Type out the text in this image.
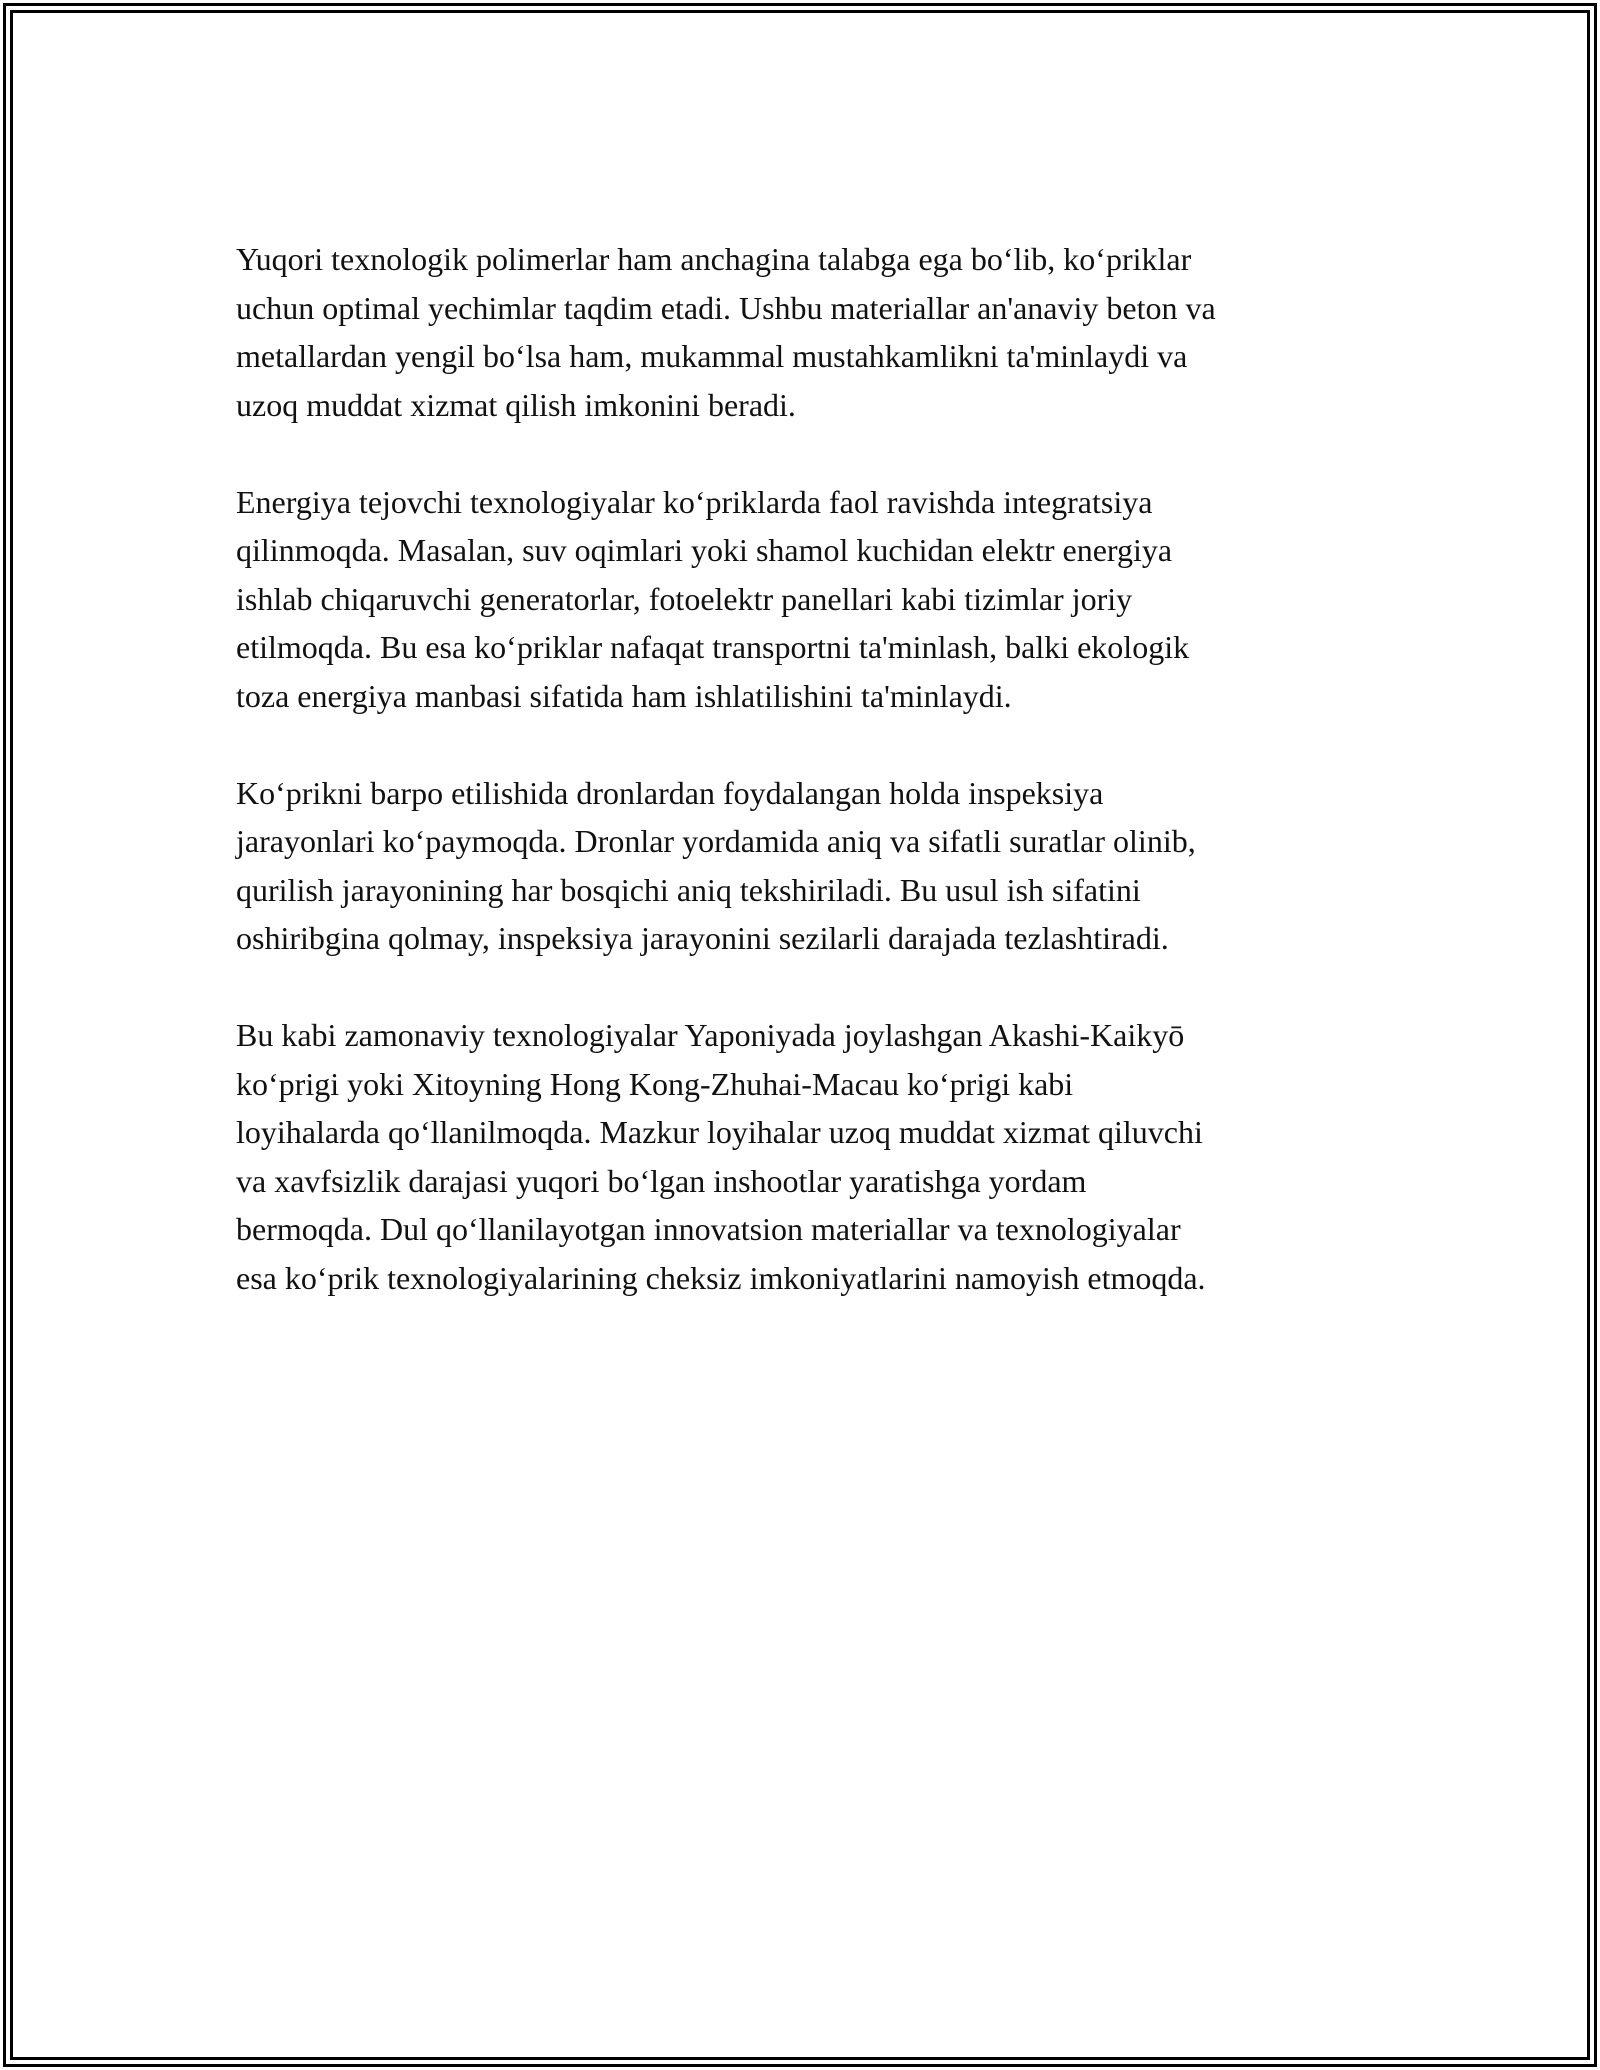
Yuqori texnologik polimerlar ham anchagina talabga ega bo‘lib, ko‘priklar
uchun optimal yechimlar taqdim etadi. Ushbu materiallar an'anaviy beton va
metallardan yengil bo‘lsa ham, mukammal mustahkamlikni ta'minlaydi va
uzoq muddat xizmat qilish imkonini beradi.

Energiya tejovchi texnologiyalar ko‘priklarda faol ravishda integratsiya
qilinmoqda. Masalan, suv oqimlari yoki shamol kuchidan elektr energiya
ishlab chiqaruvchi generatorlar, fotoelektr panellari kabi tizimlar joriy
etilmoqda. Bu esa ko‘priklar nafaqat transportni ta'minlash, balki ekologik
toza energiya manbasi sifatida ham ishlatilishini ta'minlaydi.

Ko‘prikni barpo etilishida dronlardan foydalangan holda inspeksiya
jarayonlari ko‘paymoqda. Dronlar yordamida aniq va sifatli suratlar olinib,
qurilish jarayonining har bosqichi aniq tekshiriladi. Bu usul ish sifatini
oshiribgina qolmay, inspeksiya jarayonini sezilarli darajada tezlashtiradi.

Bu kabi zamonaviy texnologiyalar Yaponiyada joylashgan Akashi-Kaikyō
ko‘prigi yoki Xitoyning Hong Kong-Zhuhai-Macau ko‘prigi kabi
loyihalarda qo‘llanilmoqda. Mazkur loyihalar uzoq muddat xizmat qiluvchi
va xavfsizlik darajasi yuqori bo‘lgan inshootlar yaratishga yordam
bermoqda. Dul qo‘llanilayotgan innovatsion materiallar va texnologiyalar
esa ko‘prik texnologiyalarining cheksiz imkoniyatlarini namoyish etmoqda.
